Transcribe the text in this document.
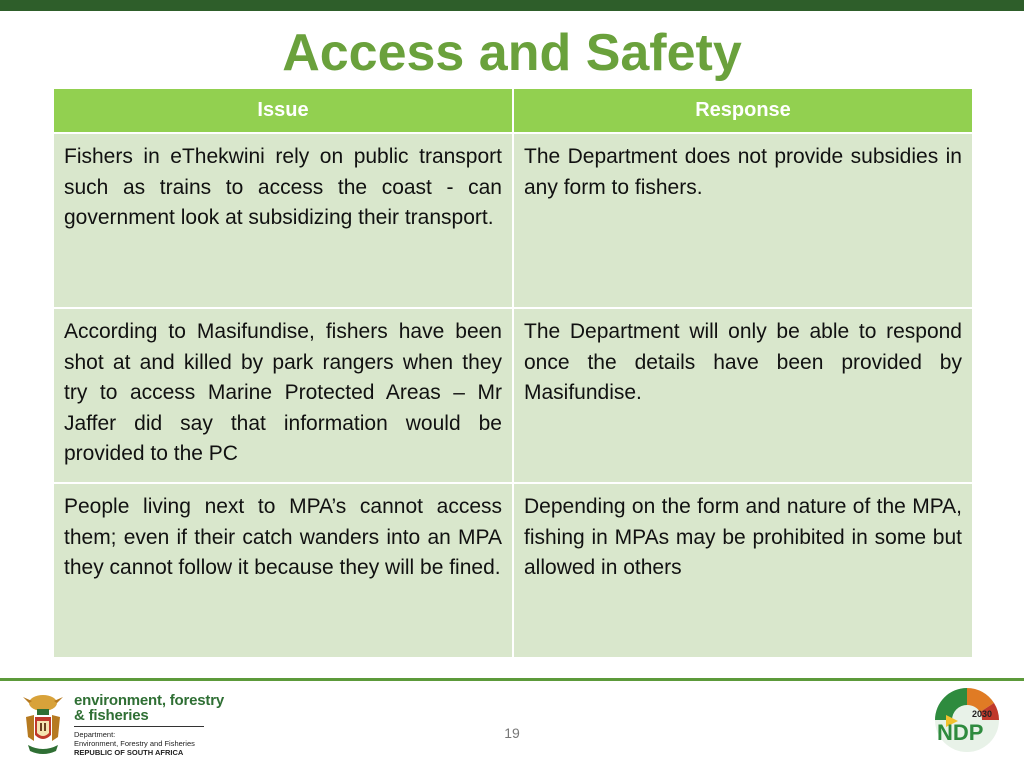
Access and Safety
Issue	Response
Fishers in eThekwini rely on public transport such as trains to access the coast - can government look at subsidizing their transport.	The Department does not provide subsidies in any form to fishers.
According to Masifundise, fishers have been shot at and killed by park rangers when they try to access Marine Protected Areas – Mr Jaffer did say that information would be provided to the PC	The Department will only be able to respond once the details have been provided by Masifundise.
People living next to MPA’s cannot access them; even if their catch wanders into an MPA they cannot follow it because they will be fined.	Depending on the form and nature of the MPA, fishing in MPAs may be prohibited in some but allowed in others
environment, forestry
& fisheries
Department:
Environment, Forestry and Fisheries
REPUBLIC OF SOUTH AFRICA
19
2030
NDP
